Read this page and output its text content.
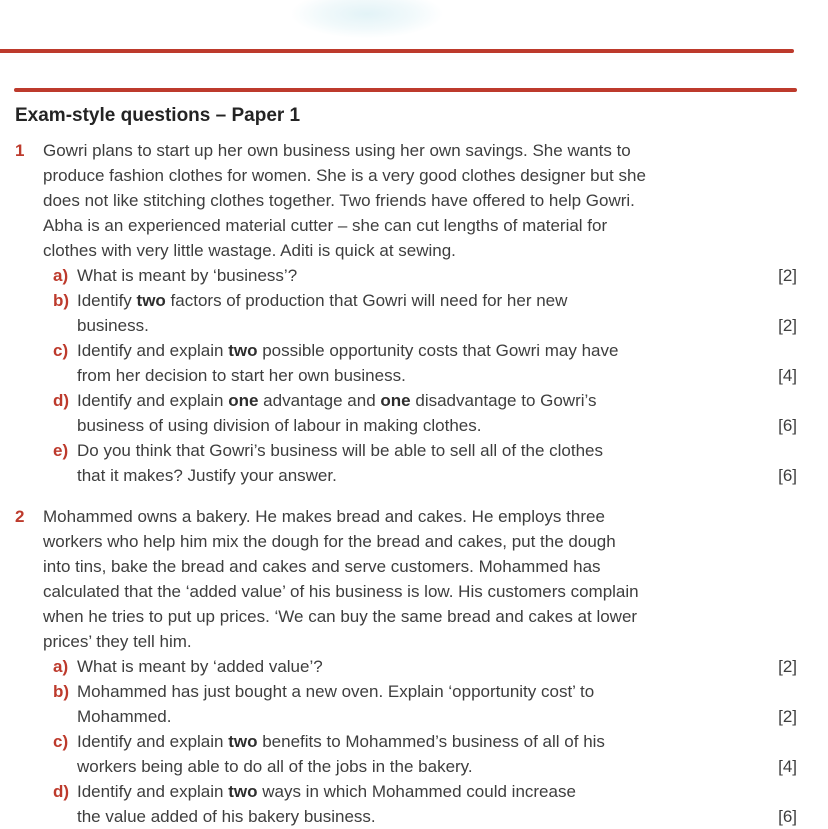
Exam-style questions – Paper 1
1	Gowri plans to start up her own business using her own savings. She wants to
produce fashion clothes for women. She is a very good clothes designer but she
does not like stitching clothes together. Two friends have offered to help Gowri.
Abha is an experienced material cutter – she can cut lengths of material for
clothes with very little wastage. Aditi is quick at sewing.
a) What is meant by ‘business’?	[2]
b) Identify two factors of production that Gowri will need for her new
business.	[2]
c) Identify and explain two possible opportunity costs that Gowri may have
from her decision to start her own business.	[4]
d) Identify and explain one advantage and one disadvantage to Gowri’s
business of using division of labour in making clothes.	[6]
e) Do you think that Gowri’s business will be able to sell all of the clothes
that it makes? Justify your answer.	[6]
2	Mohammed owns a bakery. He makes bread and cakes. He employs three
workers who help him mix the dough for the bread and cakes, put the dough
into tins, bake the bread and cakes and serve customers. Mohammed has
calculated that the ‘added value’ of his business is low. His customers complain
when he tries to put up prices. ‘We can buy the same bread and cakes at lower
prices’ they tell him.
a) What is meant by ‘added value’?	[2]
b) Mohammed has just bought a new oven. Explain ‘opportunity cost’ to
Mohammed.	[2]
c) Identify and explain two benefits to Mohammed’s business of all of his
workers being able to do all of the jobs in the bakery.	[4]
d) Identify and explain two ways in which Mohammed could increase
the value added of his bakery business.	[6]
